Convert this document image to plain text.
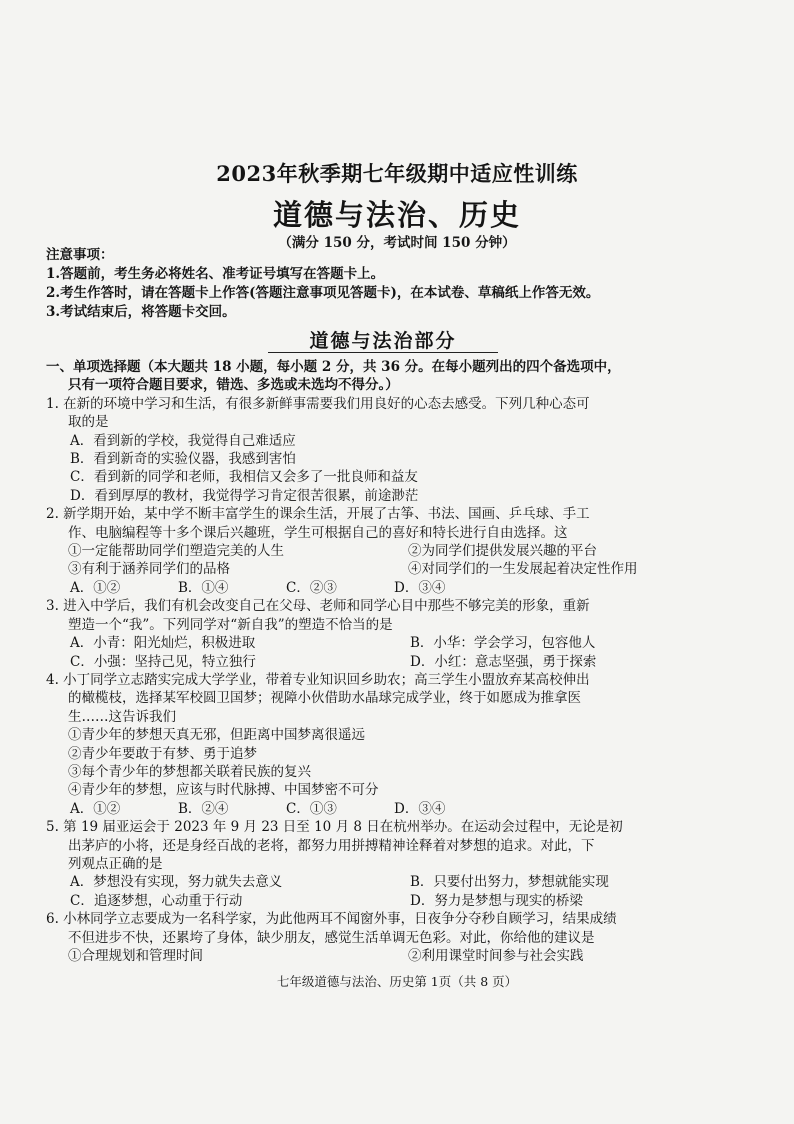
2023年秋季期七年级期中适应性训练
道德与法治、历史
（满分 150 分，考试时间 150 分钟）
注意事项：
1.答题前，考生务必将姓名、准考证号填写在答题卡上。
2.考生作答时，请在答题卡上作答(答题注意事项见答题卡)，在本试卷、草稿纸上作答无效。
3.考试结束后，将答题卡交回。
道德与法治部分
一、单项选择题（本大题共 18 小题，每小题 2 分，共 36 分。在每小题列出的四个备选项中，
只有一项符合题目要求，错选、多选或未选均不得分。）
1. 在新的环境中学习和生活，有很多新鲜事需要我们用良好的心态去感受。下列几种心态可
取的是
A．看到新的学校，我觉得自己难适应
B．看到新奇的实验仪器，我感到害怕
C．看到新的同学和老师，我相信又会多了一批良师和益友
D．看到厚厚的教材，我觉得学习肯定很苦很累，前途渺茫
2. 新学期开始，某中学不断丰富学生的课余生活，开展了古筝、书法、国画、乒乓球、手工
作、电脑编程等十多个课后兴趣班，学生可根据自己的喜好和特长进行自由选择。这
①一定能帮助同学们塑造完美的人生	②为同学们提供发展兴趣的平台
③有利于涵养同学们的品格	④对同学们的一生发展起着决定性作用
A．①②	B．①④	C．②③	D．③④
3. 进入中学后，我们有机会改变自己在父母、老师和同学心目中那些不够完美的形象，重新
塑造一个“我”。下列同学对“新自我”的塑造不恰当的是
A．小青：阳光灿烂，积极进取	B．小华：学会学习，包容他人
C．小强：坚持己见，特立独行	D．小红：意志坚强，勇于探索
4. 小丁同学立志踏实完成大学学业，带着专业知识回乡助农；高三学生小盟放弃某高校伸出
的橄榄枝，选择某军校圆卫国梦；视障小伙借助水晶球完成学业，终于如愿成为推拿医
生……这告诉我们
①青少年的梦想天真无邪，但距离中国梦离很遥远
②青少年要敢于有梦、勇于追梦
③每个青少年的梦想都关联着民族的复兴
④青少年的梦想，应该与时代脉搏、中国梦密不可分
A．①②	B．②④	C．①③	D．③④
5. 第 19 届亚运会于 2023 年 9 月 23 日至 10 月 8 日在杭州举办。在运动会过程中，无论是初
出茅庐的小将，还是身经百战的老将，都努力用拼搏精神诠释着对梦想的追求。对此，下
列观点正确的是
A．梦想没有实现，努力就失去意义	B．只要付出努力，梦想就能实现
C．追逐梦想，心动重于行动	D．努力是梦想与现实的桥梁
6. 小林同学立志要成为一名科学家，为此他两耳不闻窗外事，日夜争分夺秒自顾学习，结果成绩
不但进步不快，还累垮了身体，缺少朋友，感觉生活单调无色彩。对此，你给他的建议是
①合理规划和管理时间	②利用课堂时间参与社会实践
七年级道德与法治、历史第 1页（共 8 页）
